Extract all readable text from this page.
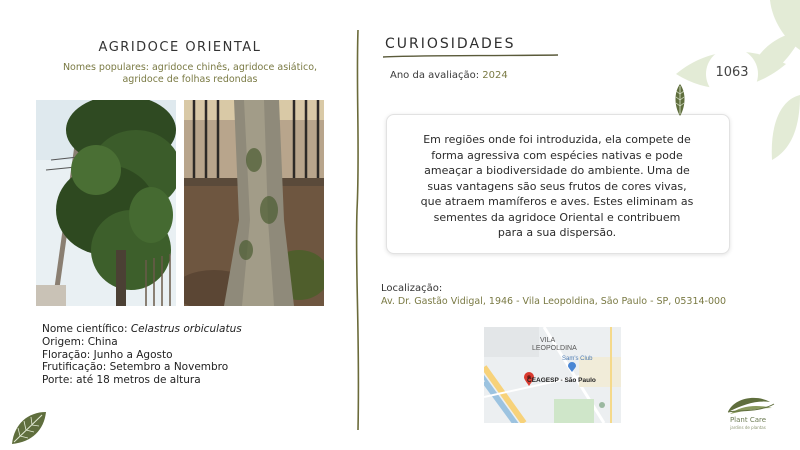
AGRIDOCE ORIENTAL
Nomes populares: agridoce chinês, agridoce asiático,
agridoce de folhas redondas
Nome científico: Celastrus orbiculatus
Origem: China
Floração: Junho a Agosto
Frutificação: Setembro a Novembro
Porte: até 18 metros de altura
CURIOSIDADES
Ano da avaliação: 2024
Em regiões onde foi introduzida, ela compete de
forma agressiva com espécies nativas e pode
ameaçar a biodiversidade do ambiente. Uma de
suas vantagens são seus frutos de cores vivas,
que atraem mamíferos e aves. Estes eliminam as
sementes da agridoce Oriental e contribuem
para a sua dispersão.
Localização:
Av. Dr. Gastão Vidigal, 1946 - Vila Leopoldina, São Paulo - SP, 05314-000
VILA
LEOPOLDINA
Sam's Club
CEAGESP - São Paulo
1063
Plant Care
jardins de plantas
